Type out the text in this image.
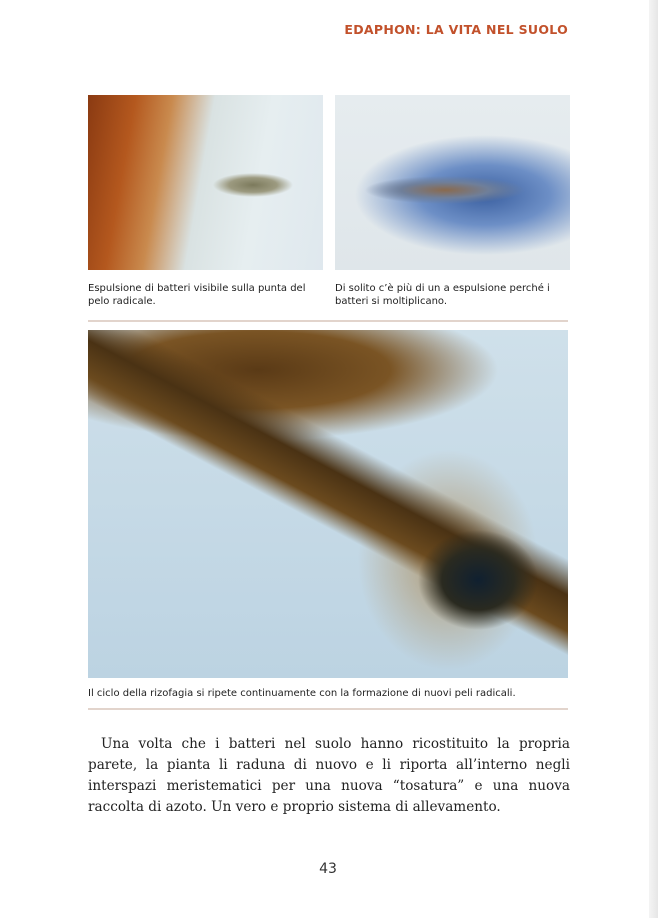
EDAPHON: LA VITA NEL SUOLO
Espulsione di batteri visibile sulla punta del pelo radicale.
Di solito c’è più di un a espulsione perché i batteri si moltiplicano.
Il ciclo della rizofagia si ripete continuamente con la formazione di nuovi peli radicali.

Una volta che i batteri nel suolo hanno ricostituito la propria parete, la pianta li raduna di nuovo e li riporta all’interno negli interspazi meristematici per una nuova “tosatura” e una nuova raccolta di azoto. Un vero e proprio sistema di allevamento.

43
